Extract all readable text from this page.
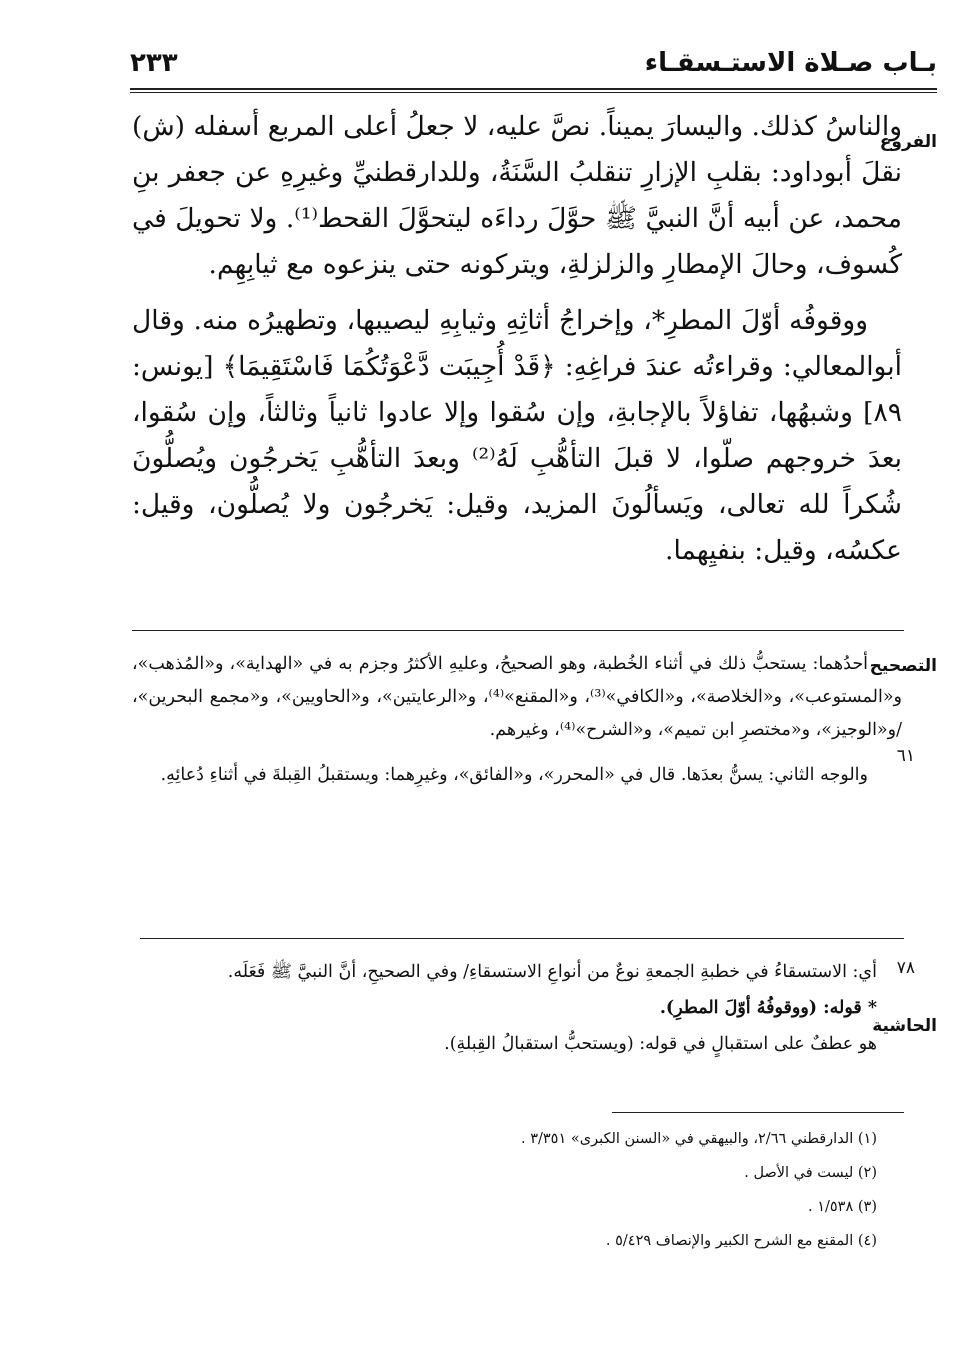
٢٣٣	بـاب صـلاة الاستـسقـاء
الفروع

والناسُ كذلك. واليسارَ يميناً. نصَّ عليه، لا جعلُ أعلى المربع أسفله (ش) نقلَ أبوداود: بقلبِ الإزارِ تنقلبُ السَّنَةُ، وللدارقطنيِّ وغيرِهِ عن جعفر بنِ محمد، عن أبيه أنَّ النبيَّ ﷺ حوَّلَ رداءَه ليتحوَّلَ القحط⁽¹⁾. ولا تحويلَ في كُسوف، وحالَ الإمطارِ والزلزلةِ، ويتركونه حتى ينزعوه مع ثيابِهِم.

ووقوفُه أوّلَ المطرِ*، وإخراجُ أثاثِهِ وثيابِهِ ليصيبها، وتطهيرُه منه. وقال أبوالمعالي: وقراءتُه عندَ فراغِهِ: ﴿قَدْ أُجِيبَت دَّعْوَتُكُمَا فَاسْتَقِيمَا﴾ [يونس: ٨٩] وشبهُها، تفاؤلاً بالإجابةِ، وإن سُقوا وإلا عادوا ثانياً وثالثاً، وإن سُقوا، بعدَ خروجهم صلّوا، لا قبلَ التأهُّبِ لَهُ⁽²⁾ وبعدَ التأهُّبِ يَخرجُون ويُصلُّونَ شُكراً لله تعالى، ويَسألُونَ المزيد، وقيل: يَخرجُون ولا يُصلُّون، وقيل: عكسُه، وقيل: بنفيِهما.

التصحيح
٦١

أحدُهما: يستحبُّ ذلك في أثناء الخُطبة، وهو الصحيحُ، وعليهِ الأكثرُ وجزم به في «الهداية»، و«المُذهب»، و«المستوعب»، و«الخلاصة»، و«الكافي»⁽³⁾، و«المقنع»⁽⁴⁾، و«الرعايتين»، و«الحاويين»، و«مجمع البحرين»، /و«الوجيز»، و«مختصرِ ابن تميم»، و«الشرح»⁽⁴⁾، وغيرهم.

والوجه الثاني: يسنُّ بعدَها. قال في «المحرر»، و«الفائق»، وغيرِهما: ويستقبلُ القِبلةَ في أثناءِ دُعائِهِ.

٧٨
الحاشية

أي: الاستسقاءُ في خطبةِ الجمعةِ نوعٌ من أنواعِ الاستسقاءِ/ وفي الصحيحِ، أنَّ النبيَّ ﷺ فَعَلَه.

* قوله: (ووقوفُهُ أوّلَ المطرِ).

هو عطفٌ على استقبالٍ في قوله: (ويستحبُّ استقبالُ القِبلةِ).

(١) الدارقطني ٢/٦٦، والبيهقي في «السنن الكبرى» ٣/٣٥١ .
(٢) ليست في الأصل .
(٣) ١/٥٣٨ .
(٤) المقنع مع الشرح الكبير والإنصاف ٥/٤٢٩ .
